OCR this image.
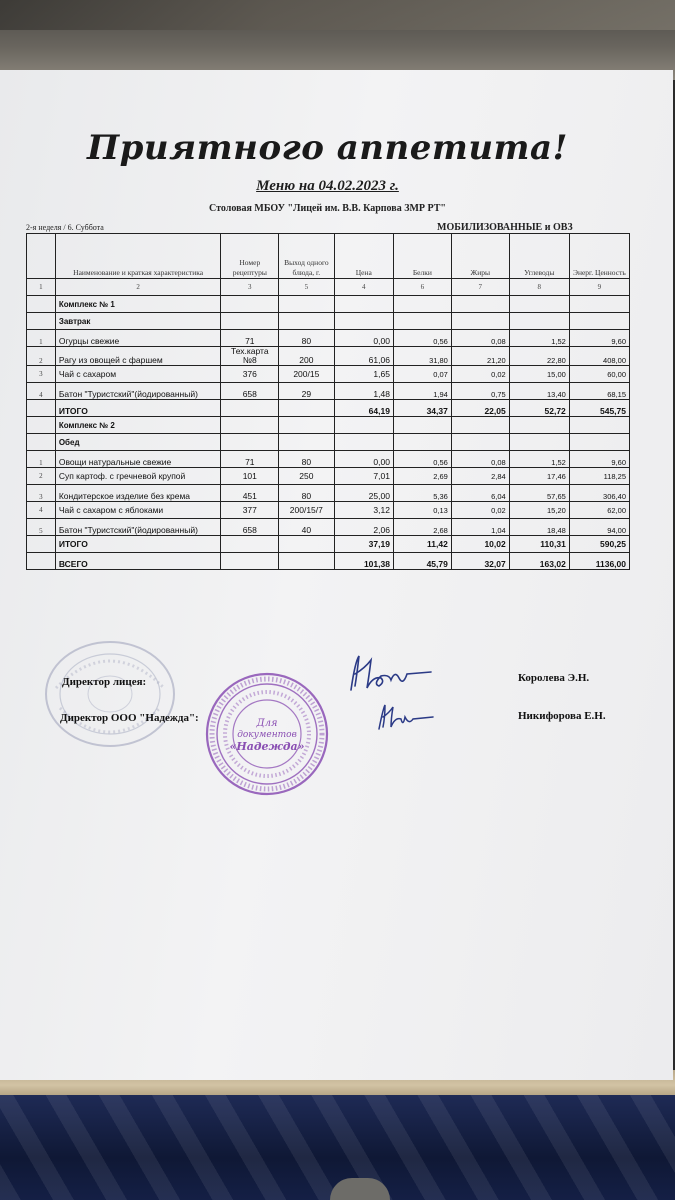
Приятного аппетита!
Меню на 04.02.2023 г.
Столовая МБОУ "Лицей им. В.В. Карпова ЗМР РТ"
2-я неделя / 6. Суббота	МОБИЛИЗОВАННЫЕ и ОВЗ
	Наименование и краткая характеристика	Номер рецептуры	Выход одного блюда, г.	Цена	Белки	Жиры	Углеводы	Энерг. Ценность
1	2	3	5	4	6	7	8	9
	Комплекс № 1							
	Завтрак							
1	Огурцы свежие	71	80	0,00	0,56	0,08	1,52	9,60
2	Рагу из овощей с фаршем	Тех.карта №8	200	61,06	31,80	21,20	22,80	408,00
3	Чай с сахаром	376	200/15	1,65	0,07	0,02	15,00	60,00
4	Батон "Туристский"(йодированный)	658	29	1,48	1,94	0,75	13,40	68,15
	ИТОГО			64,19	34,37	22,05	52,72	545,75
	Комплекс № 2							
	Обед							
1	Овощи натуральные свежие	71	80	0,00	0,56	0,08	1,52	9,60
2	Суп картоф. с гречневой крупой	101	250	7,01	2,69	2,84	17,46	118,25
3	Кондитерское изделие без крема	451	80	25,00	5,36	6,04	57,65	306,40
4	Чай с сахаром с яблоками	377	200/15/7	3,12	0,13	0,02	15,20	62,00
5	Батон "Туристский"(йодированный)	658	40	2,06	2,68	1,04	18,48	94,00
	ИТОГО			37,19	11,42	10,02	110,31	590,25
	ВСЕГО			101,38	45,79	32,07	163,02	1136,00
Директор лицея:
Директор ООО "Надежда":
Королева Э.Н.
Никифорова Е.Н.
Для
документов
«Надежда»
